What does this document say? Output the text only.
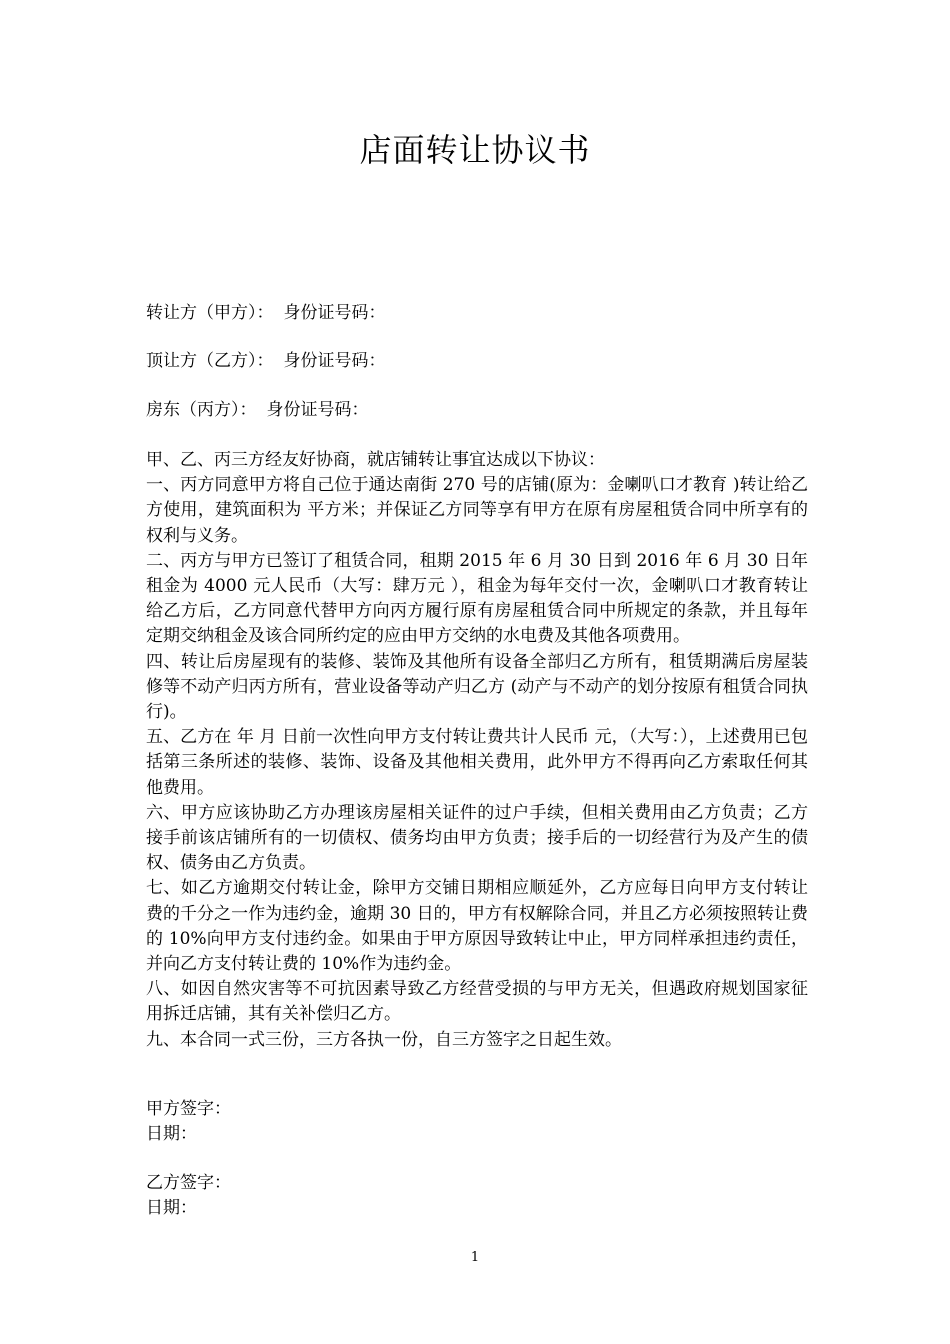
店面转让协议书
转让方（甲方）： 身份证号码：
顶让方（乙方）： 身份证号码：
房东（丙方）： 身份证号码：

甲、乙、丙三方经友好协商，就店铺转让事宜达成以下协议：

一、丙方同意甲方将自己位于通达南街 270 号的店铺(原为：金喇叭口才教育 )转让给乙方使用，建筑面积为 平方米；并保证乙方同等享有甲方在原有房屋租赁合同中所享有的权利与义务。

二、丙方与甲方已签订了租赁合同，租期 2015 年 6 月 30 日到 2016 年 6 月 30 日年租金为 4000 元人民币（大写：肆万元 ），租金为每年交付一次，金喇叭口才教育转让给乙方后，乙方同意代替甲方向丙方履行原有房屋租赁合同中所规定的条款，并且每年定期交纳租金及该合同所约定的应由甲方交纳的水电费及其他各项费用。

四、转让后房屋现有的装修、装饰及其他所有设备全部归乙方所有，租赁期满后房屋装修等不动产归丙方所有，营业设备等动产归乙方 (动产与不动产的划分按原有租赁合同执行)。

五、乙方在 年 月 日前一次性向甲方支付转让费共计人民币 元，（大写：），上述费用已包括第三条所述的装修、装饰、设备及其他相关费用，此外甲方不得再向乙方索取任何其他费用。

六、甲方应该协助乙方办理该房屋相关证件的过户手续，但相关费用由乙方负责；乙方接手前该店铺所有的一切债权、债务均由甲方负责；接手后的一切经营行为及产生的债权、债务由乙方负责。

七、如乙方逾期交付转让金，除甲方交铺日期相应顺延外，乙方应每日向甲方支付转让费的千分之一作为违约金，逾期 30 日的，甲方有权解除合同，并且乙方必须按照转让费的 10%向甲方支付违约金。如果由于甲方原因导致转让中止，甲方同样承担违约责任，并向乙方支付转让费的 10%作为违约金。

八、如因自然灾害等不可抗因素导致乙方经营受损的与甲方无关，但遇政府规划国家征用拆迁店铺，其有关补偿归乙方。

九、本合同一式三份，三方各执一份，自三方签字之日起生效。

甲方签字：
日期：
乙方签字：
日期：
1
